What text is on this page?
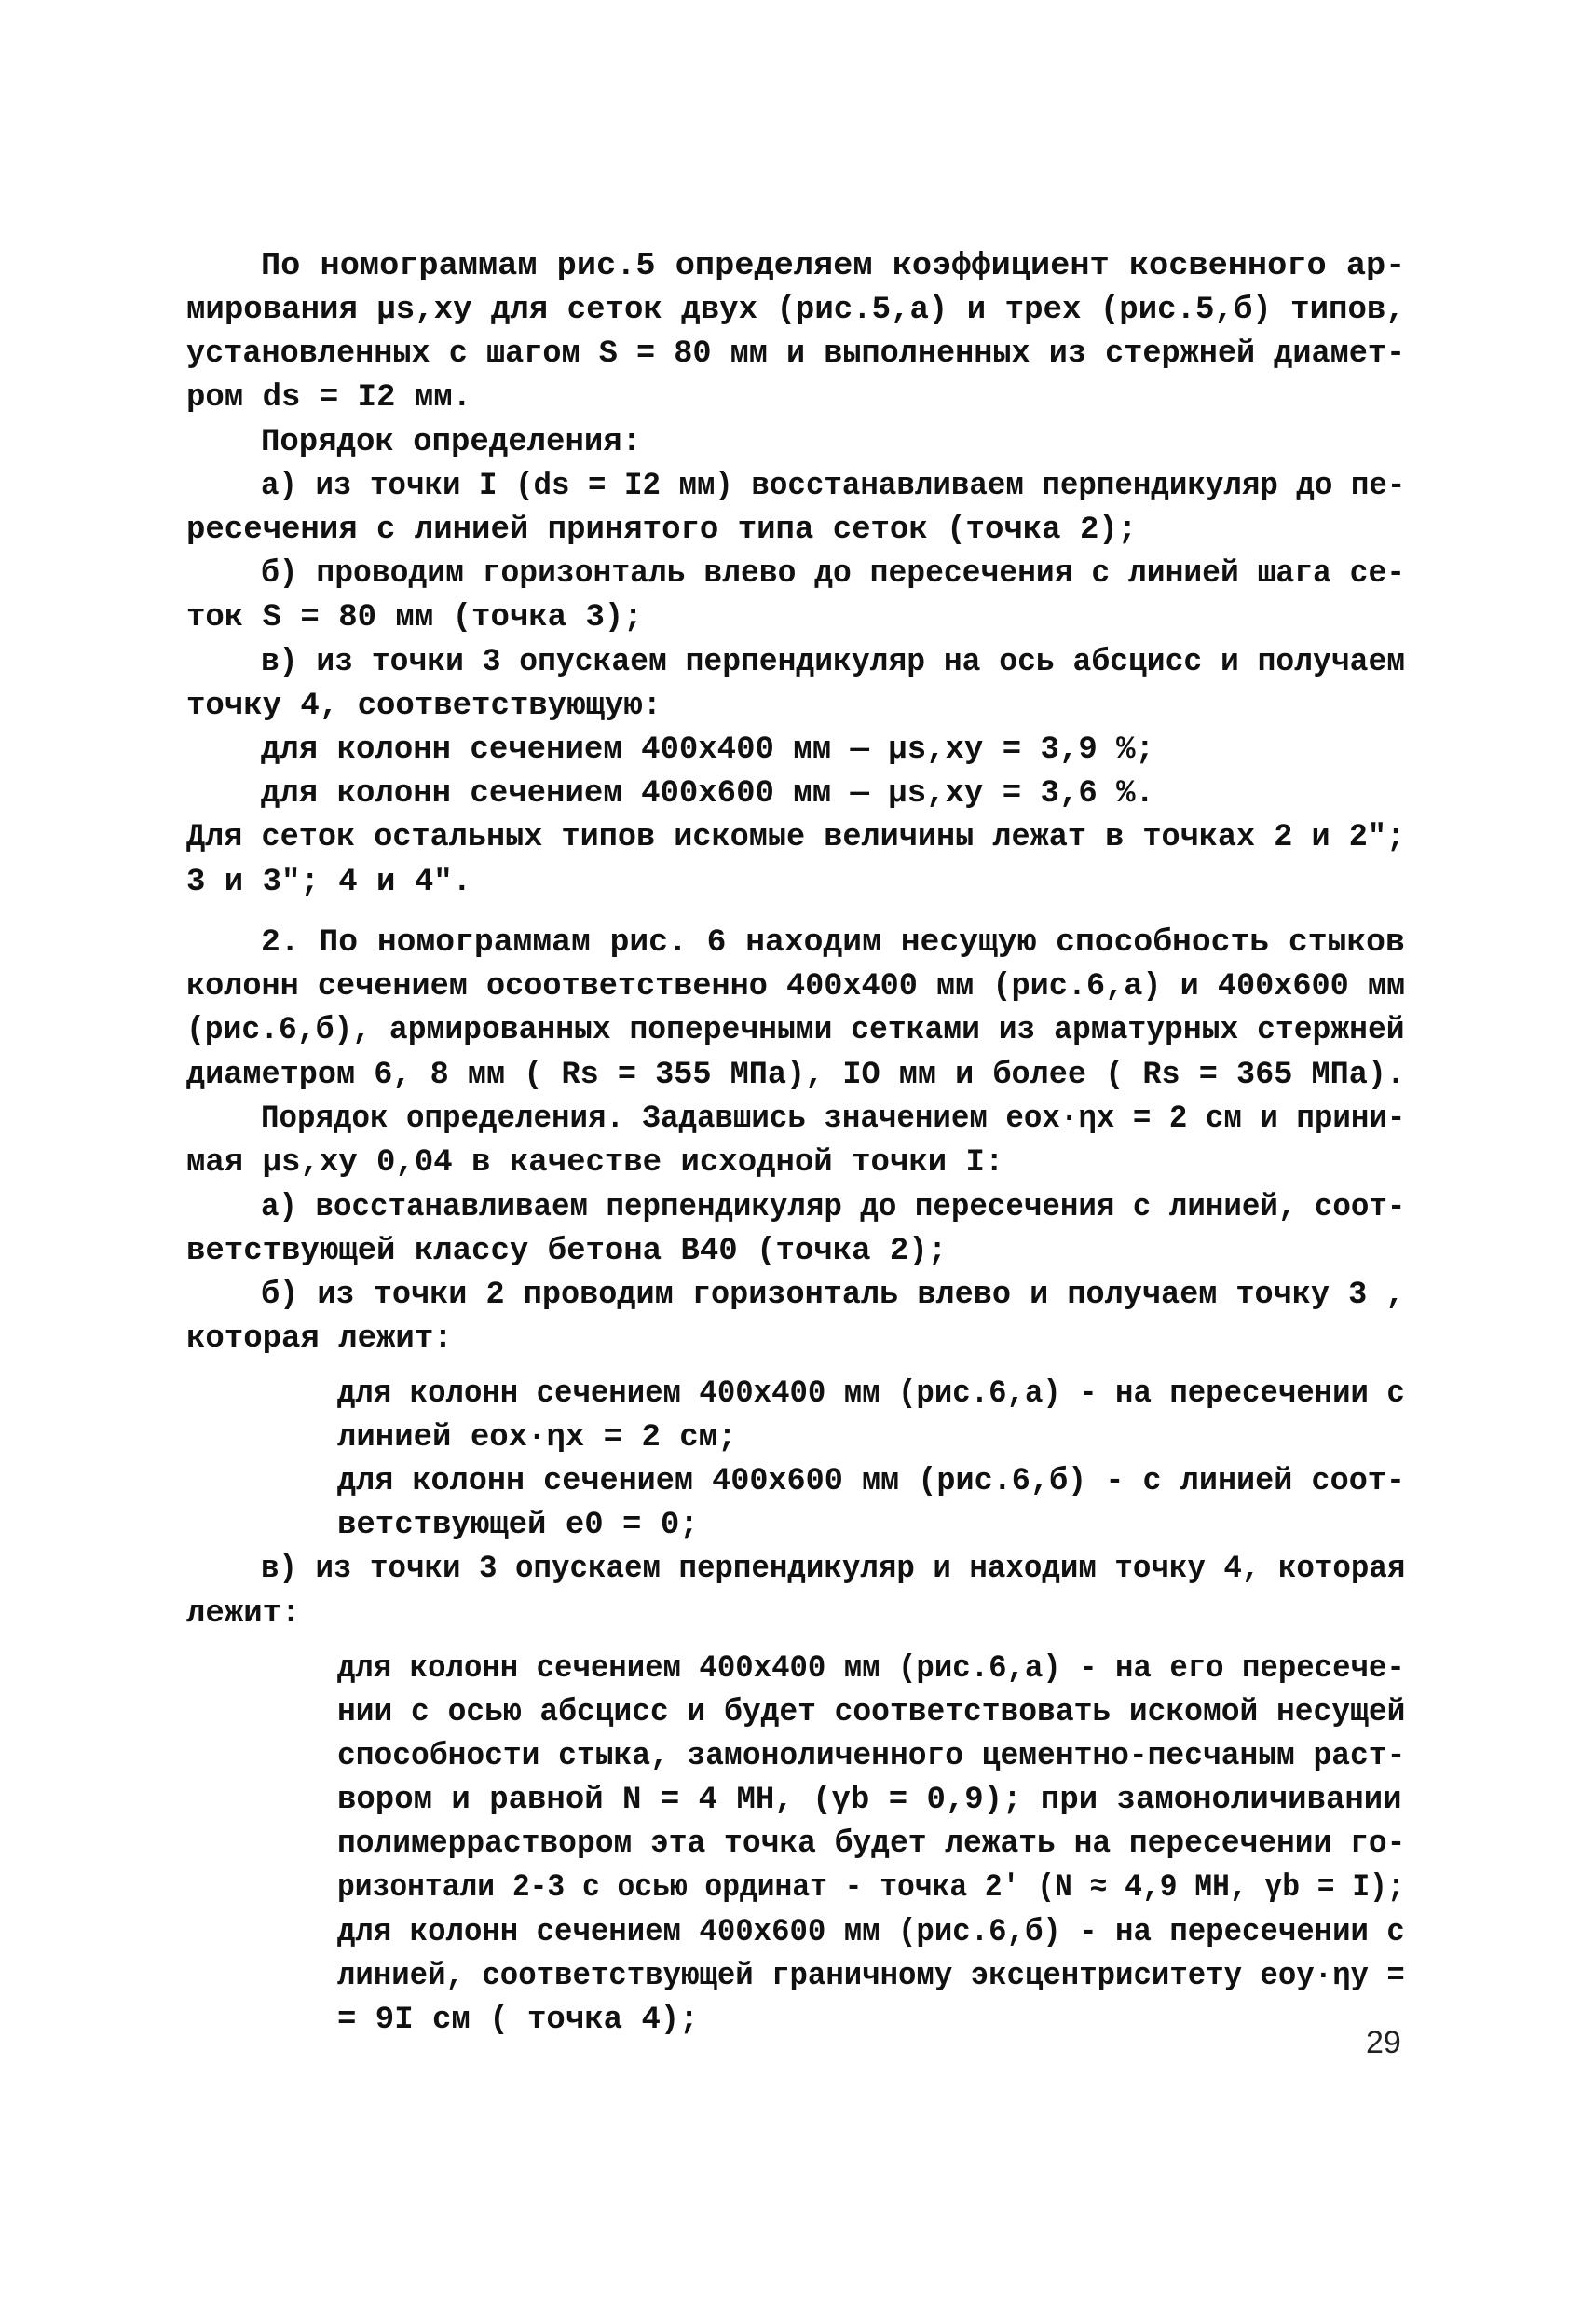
По номограммам рис.5 определяем коэффициент косвенного ар-
мирования μs,xy для сеток двух (рис.5,а) и трех (рис.5,б) типов,
установленных с шагом S = 80 мм и выполненных из стержней диамет-
ром ds = I2 мм.
Порядок определения:
а) из точки I (ds = I2 мм) восстанавливаем перпендикуляр до пе-
ресечения с линией принятого типа сеток (точка 2);
б) проводим горизонталь влево до пересечения с линией шага се-
ток S = 80 мм (точка 3);
в) из точки 3 опускаем перпендикуляр на ось абсцисс и получаем
точку 4, соответствующую:
для колонн сечением 400х400 мм — μs,xy = 3,9 %;
для колонн сечением 400х600 мм — μs,xy = 3,6 %.
Для сеток остальных типов искомые величины лежат в точках 2 и 2";
3 и 3"; 4 и 4".
2. По номограммам рис. 6 находим несущую способность стыков
колонн сечением осоответственно 400х400 мм (рис.6,а) и 400х600 мм
(рис.6,б), армированных поперечными сетками из арматурных стержней
диаметром 6, 8 мм ( Rs = 355 МПа), IO мм и более ( Rs = 365 МПа).
Порядок определения. Задавшись значением eox·ηx = 2 см и прини-
мая μs,xy 0,04 в качестве исходной точки I:
а) восстанавливаем перпендикуляр до пересечения с линией, соот-
ветствующей классу бетона В40 (точка 2);
б) из точки 2 проводим горизонталь влево и получаем точку 3 ,
которая лежит:
для колонн сечением 400х400 мм (рис.6,а) - на пересечении с
линией eox·ηx = 2 см;
для колонн сечением 400х600 мм (рис.6,б) - с линией соот-
ветствующей e0 = 0;
в) из точки 3 опускаем перпендикуляр и находим точку 4, которая
лежит:
для колонн сечением 400х400 мм (рис.6,а) - на его пересече-
нии с осью абсцисс и будет соответствовать искомой несущей
способности стыка, замоноличенного цементно-песчаным раст-
вором и равной N = 4 МН, (γb = 0,9); при замоноличивании
полимерраствором эта точка будет лежать на пересечении го-
ризонтали 2-3 с осью ординат - точка 2' (N ≈ 4,9 МН, γb = I);
для колонн сечением 400х600 мм (рис.6,б) - на пересечении с
линией, соответствующей граничному эксцентриситету eoy·ηy =
= 9I см ( точка 4);
29
